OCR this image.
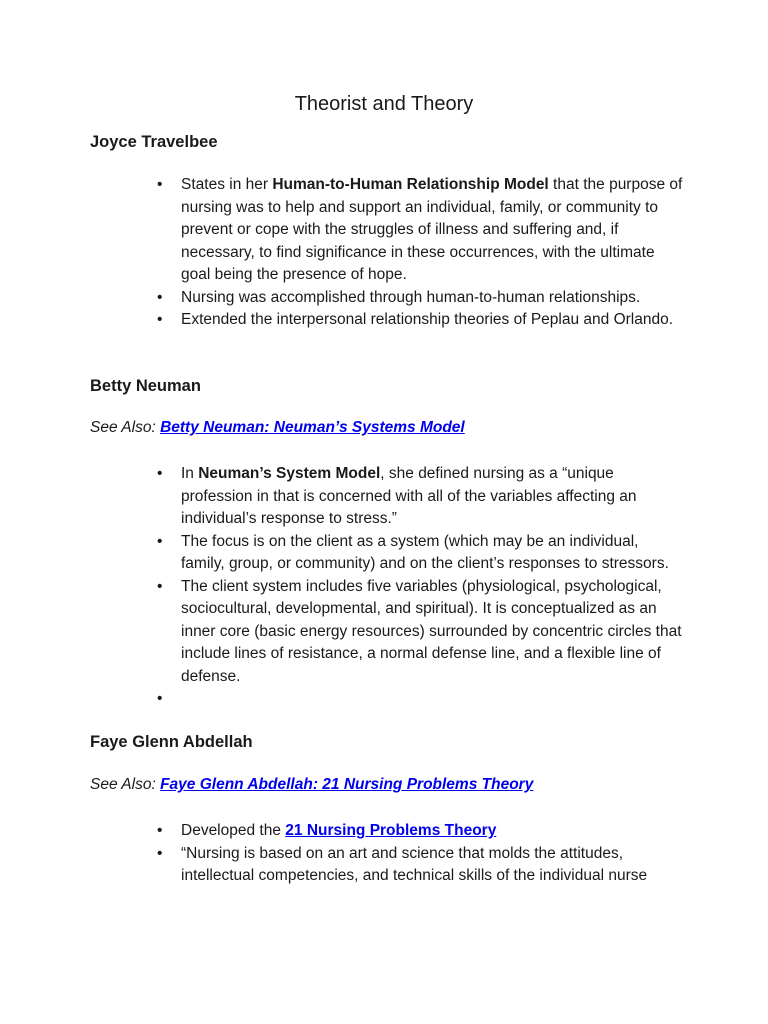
Theorist and Theory
Joyce Travelbee
• States in her Human-to-Human Relationship Model that the purpose of nursing was to help and support an individual, family, or community to prevent or cope with the struggles of illness and suffering and, if necessary, to find significance in these occurrences, with the ultimate goal being the presence of hope.
• Nursing was accomplished through human-to-human relationships.
• Extended the interpersonal relationship theories of Peplau and Orlando.
Betty Neuman

See Also: Betty Neuman: Neuman’s Systems Model

• In Neuman’s System Model, she defined nursing as a “unique profession in that is concerned with all of the variables affecting an individual’s response to stress.”
• The focus is on the client as a system (which may be an individual, family, group, or community) and on the client’s responses to stressors.
• The client system includes five variables (physiological, psychological, sociocultural, developmental, and spiritual). It is conceptualized as an inner core (basic energy resources) surrounded by concentric circles that include lines of resistance, a normal defense line, and a flexible line of defense.
•
Faye Glenn Abdellah

See Also: Faye Glenn Abdellah: 21 Nursing Problems Theory

• Developed the 21 Nursing Problems Theory
• “Nursing is based on an art and science that molds the attitudes, intellectual competencies, and technical skills of the individual nurse
